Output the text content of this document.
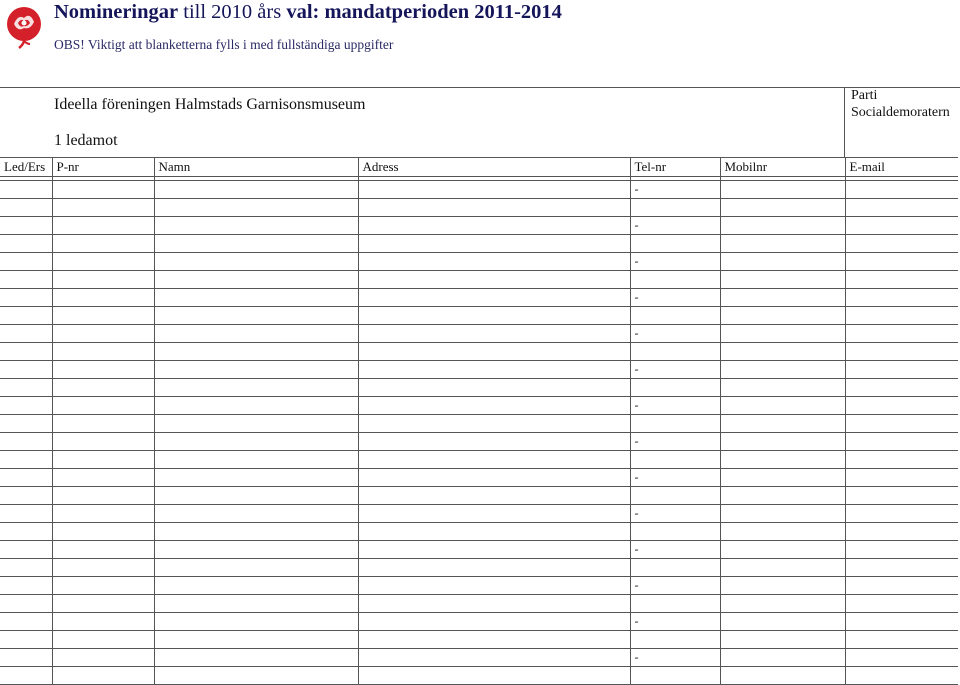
Nomineringar till 2010 års val: mandatperioden 2011-2014
OBS! Viktigt att blanketterna fylls i med fullständiga uppgifter
Ideella föreningen Halmstads Garnisonsmuseum
1 ledamot
Parti
Socialdemoratern
Led/Ers	P-nr	Namn	Adress	Tel-nr	Mobilnr	E-mail

				-		

				-		

				-		

				-		

				-		

				-		

				-		

				-		

				-		

				-		

				-		

				-		

				-		

				-		
